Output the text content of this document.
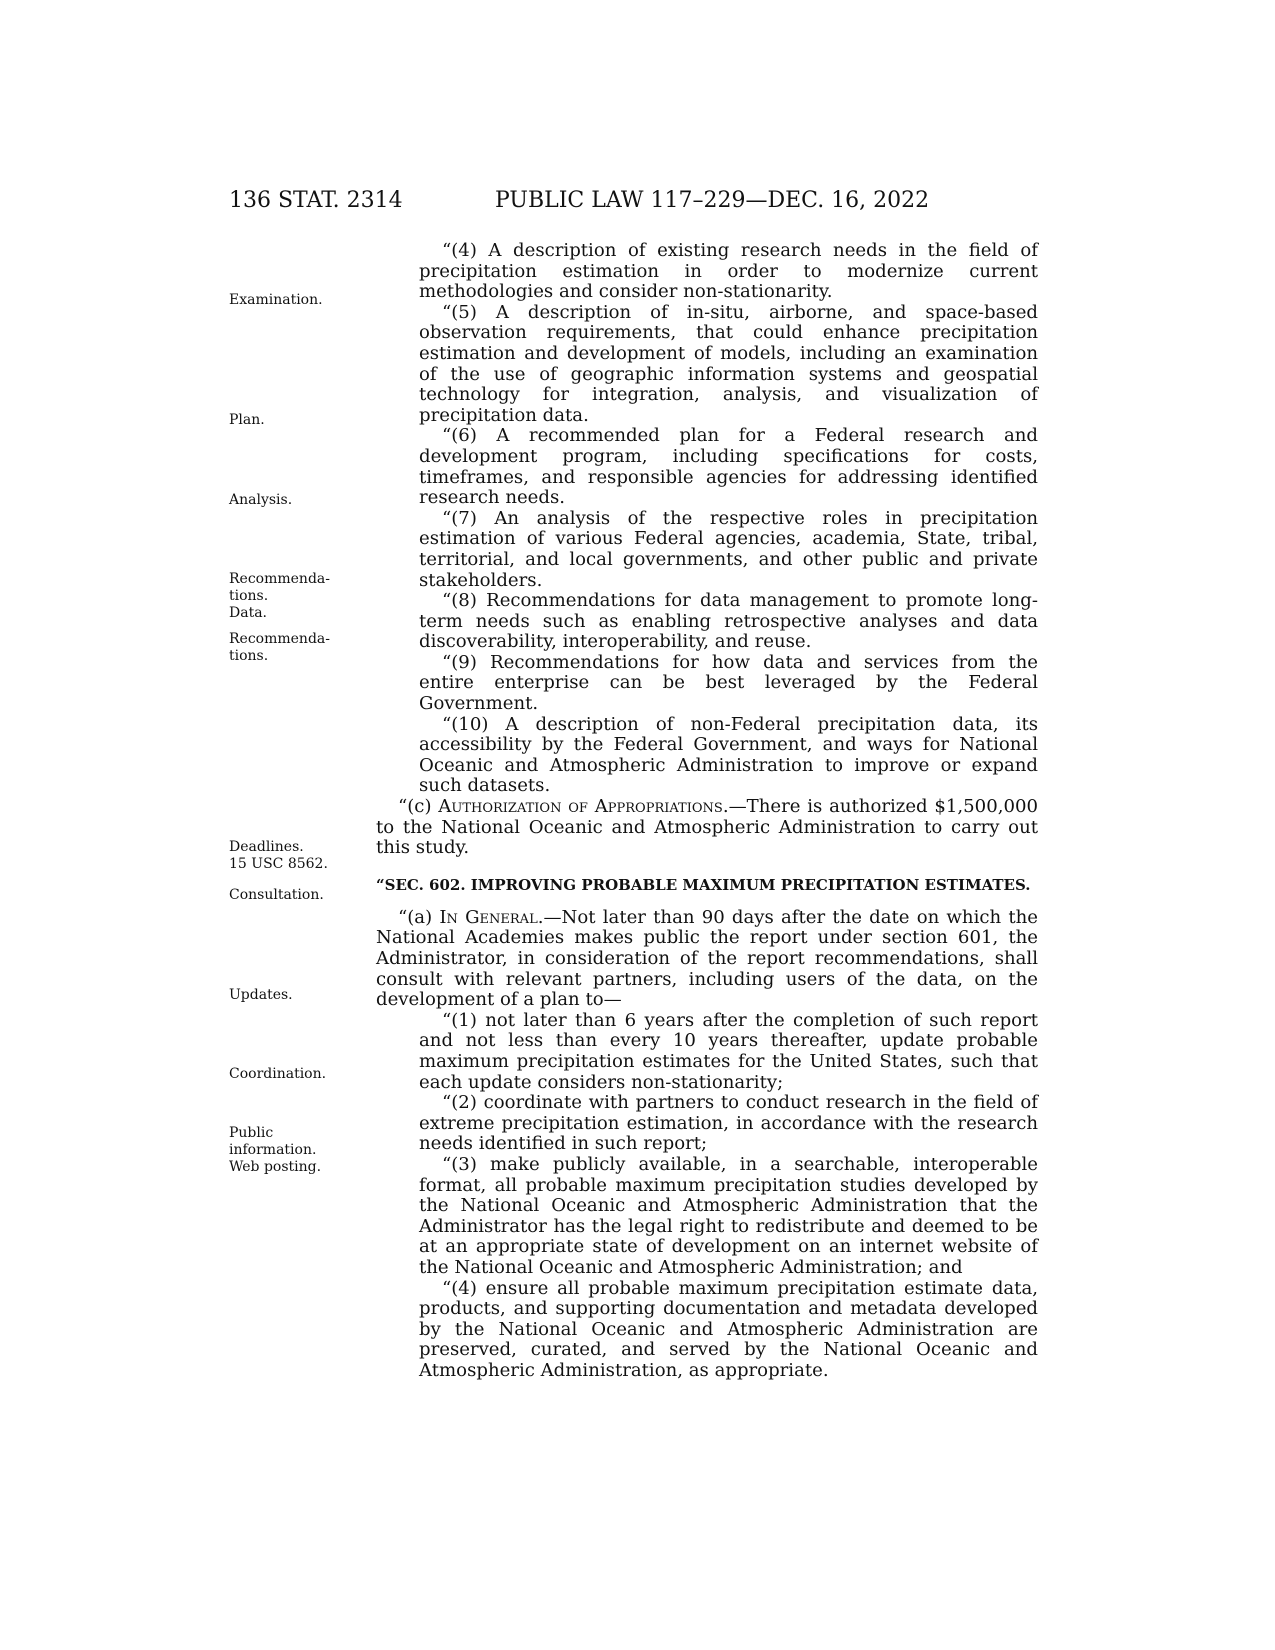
136 STAT. 2314	PUBLIC LAW 117–229—DEC. 16, 2022
Examination.
Plan.
Analysis.
Recommenda-
tions.
Data.
Recommenda-
tions.
Deadlines.
15 USC 8562.
Consultation.
Updates.
Coordination.
Public
information.
Web posting.

“(4) A description of existing research needs in the field of precipitation estimation in order to modernize current methodologies and consider non-stationarity.

“(5) A description of in-situ, airborne, and space-based observation requirements, that could enhance precipitation estimation and development of models, including an examination of the use of geographic information systems and geospatial technology for integration, analysis, and visualization of precipitation data.

“(6) A recommended plan for a Federal research and development program, including specifications for costs, timeframes, and responsible agencies for addressing identified research needs.

“(7) An analysis of the respective roles in precipitation estimation of various Federal agencies, academia, State, tribal, territorial, and local governments, and other public and private stakeholders.

“(8) Recommendations for data management to promote long-term needs such as enabling retrospective analyses and data discoverability, interoperability, and reuse.

“(9) Recommendations for how data and services from the entire enterprise can be best leveraged by the Federal Government.

“(10) A description of non-Federal precipitation data, its accessibility by the Federal Government, and ways for National Oceanic and Atmospheric Administration to improve or expand such datasets.

“(c) Authorization of Appropriations.—There is authorized $1,500,000 to the National Oceanic and Atmospheric Administration to carry out this study.

“SEC. 602. IMPROVING PROBABLE MAXIMUM PRECIPITATION ESTIMATES.

“(a) In General.—Not later than 90 days after the date on which the National Academies makes public the report under section 601, the Administrator, in consideration of the report recommendations, shall consult with relevant partners, including users of the data, on the development of a plan to—

“(1) not later than 6 years after the completion of such report and not less than every 10 years thereafter, update probable maximum precipitation estimates for the United States, such that each update considers non-stationarity;

“(2) coordinate with partners to conduct research in the field of extreme precipitation estimation, in accordance with the research needs identified in such report;

“(3) make publicly available, in a searchable, interoperable format, all probable maximum precipitation studies developed by the National Oceanic and Atmospheric Administration that the Administrator has the legal right to redistribute and deemed to be at an appropriate state of development on an internet website of the National Oceanic and Atmospheric Administration; and

“(4) ensure all probable maximum precipitation estimate data, products, and supporting documentation and metadata developed by the National Oceanic and Atmospheric Administration are preserved, curated, and served by the National Oceanic and Atmospheric Administration, as appropriate.
